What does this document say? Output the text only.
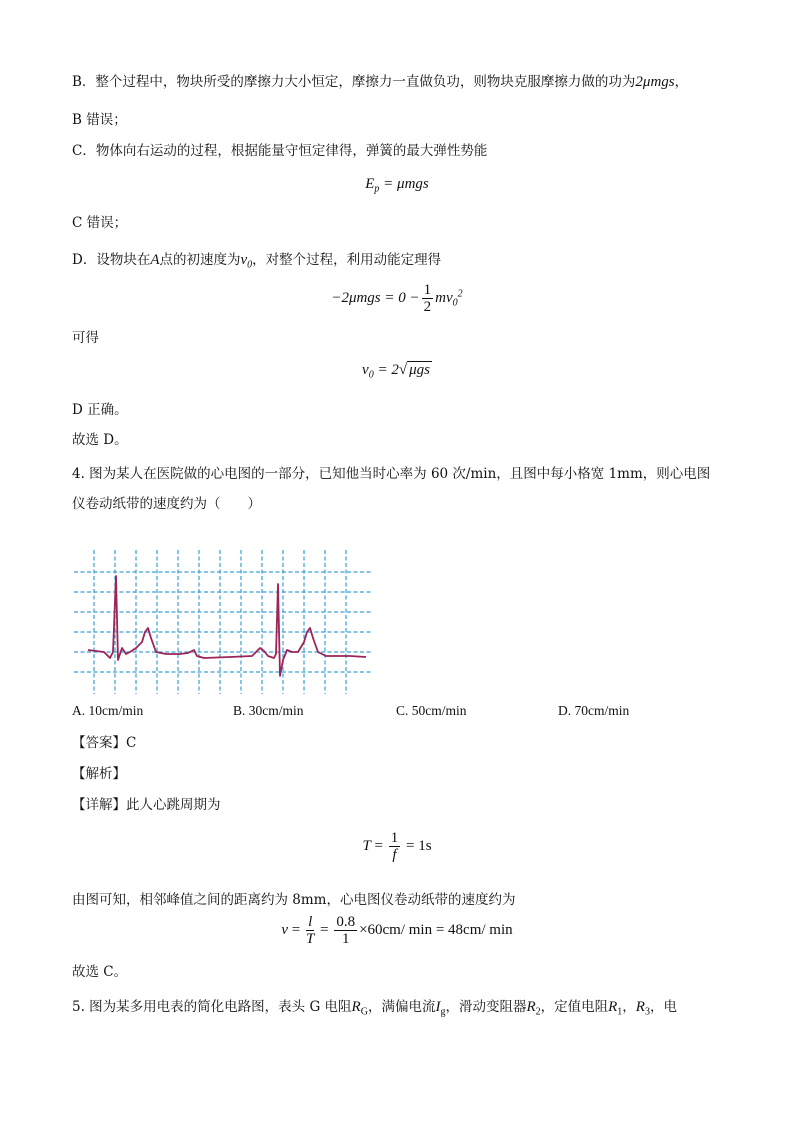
B．整个过程中，物块所受的摩擦力大小恒定，摩擦力一直做负功，则物块克服摩擦力做的功为2μmgs，
B 错误；
C．物体向右运动的过程，根据能量守恒定律得，弹簧的最大弹性势能
$E_p = \mu mgs$
C 错误；
D．设物块在A点的初速度为$v_0$，对整个过程，利用动能定理得
$-2\mu mgs = 0 - \frac{1}{2} mv_0^2$
可得
$v_0 = 2√$ μgs
D 正确。
故选 D。
4. 图为某人在医院做的心电图的一部分，已知他当时心率为 60 次/min，且图中每小格宽 1mm，则心电图
仪卷动纸带的速度约为（　　）
A. 10cm/min	B. 30cm/min	C. 50cm/min	D. 70cm/min
【答案】C
【解析】
【详解】此人心跳周期为
$T = \frac{1}{f} = 1s$
由图可知，相邻峰值之间的距离约为 8mm，心电图仪卷动纸带的速度约为
$v = \frac{l}{T} = \frac{0.8}{1} \times 60cm/$ min = 48cm/ min
故选 C。
5. 图为某多用电表的简化电路图，表头 G 电阻$R_G$，满偏电流$I_g$，滑动变阻器$R_2$，定值电阻$R_1$，$R_3$，电
